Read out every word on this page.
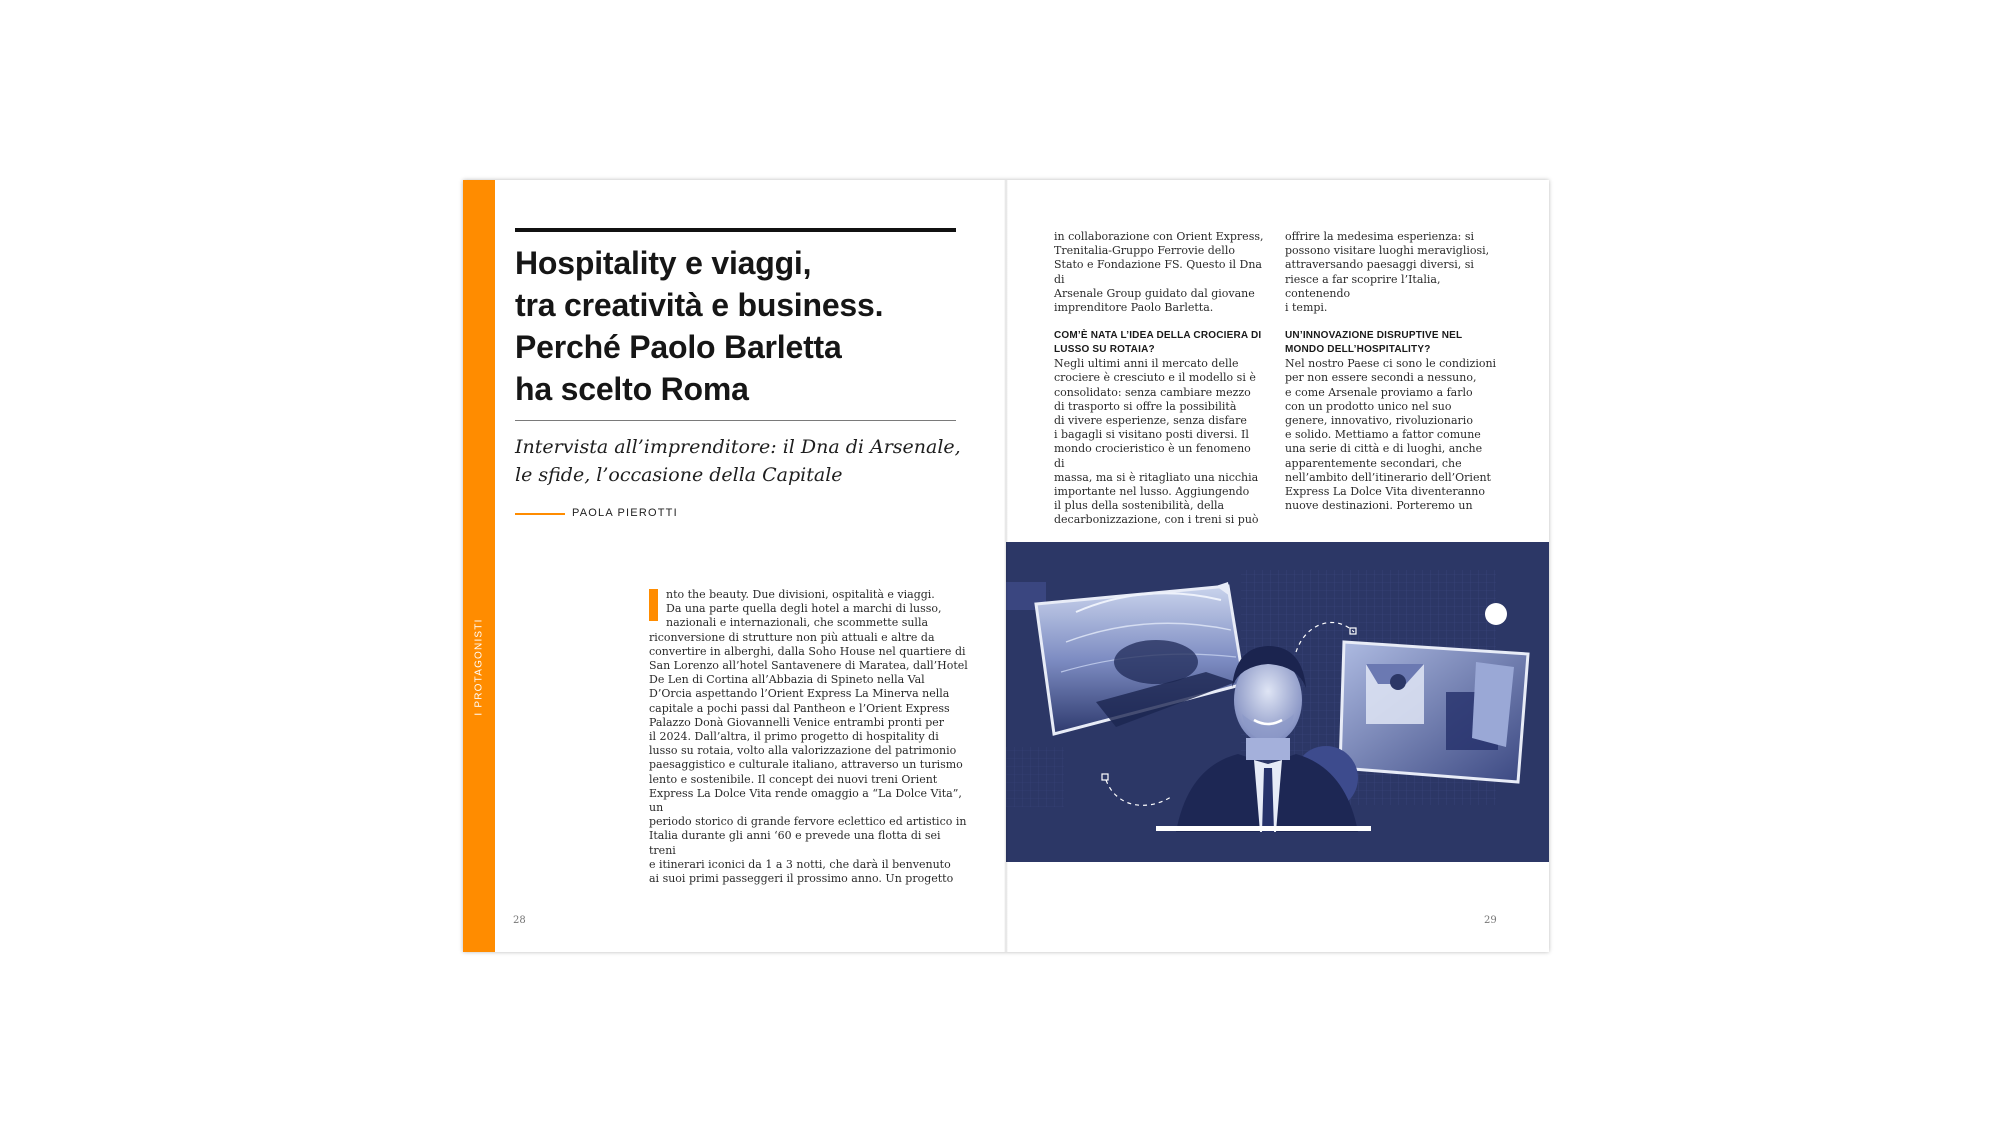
I PROTAGONISTI
Hospitality e viaggi,
tra creatività e business.
Perché Paolo Barletta
ha scelto Roma

Intervista all’imprenditore: il Dna di Arsenale,
le sfide, l’occasione della Capitale

PAOLA PIEROTTI
nto the beauty. Due divisioni, ospitalità e viaggi.
Da una parte quella degli hotel a marchi di lusso,
nazionali e internazionali, che scommette sulla
riconversione di strutture non più attuali e altre da
convertire in alberghi, dalla Soho House nel quartiere di
San Lorenzo all’hotel Santavenere di Maratea, dall’Hotel
De Len di Cortina all’Abbazia di Spineto nella Val
D’Orcia aspettando l’Orient Express La Minerva nella
capitale a pochi passi dal Pantheon e l’Orient Express
Palazzo Donà Giovannelli Venice entrambi pronti per
il 2024. Dall’altra, il primo progetto di hospitality di
lusso su rotaia, volto alla valorizzazione del patrimonio
paesaggistico e culturale italiano, attraverso un turismo
lento e sostenibile. Il concept dei nuovi treni Orient
Express La Dolce Vita rende omaggio a “La Dolce Vita”, un
periodo storico di grande fervore eclettico ed artistico in
Italia durante gli anni ‘60 e prevede una flotta di sei treni
e itinerari iconici da 1 a 3 notti, che darà il benvenuto
ai suoi primi passeggeri il prossimo anno. Un progetto
28

in collaborazione con Orient Express,
Trenitalia-Gruppo Ferrovie dello
Stato e Fondazione FS. Questo il Dna di
Arsenale Group guidato dal giovane
imprenditore Paolo Barletta.

COM’È NATA L’IDEA DELLA CROCIERA DI
LUSSO SU ROTAIA?

Negli ultimi anni il mercato delle
crociere è cresciuto e il modello si è
consolidato: senza cambiare mezzo
di trasporto si offre la possibilità
di vivere esperienze, senza disfare
i bagagli si visitano posti diversi. Il
mondo crocieristico è un fenomeno di
massa, ma si è ritagliato una nicchia
importante nel lusso. Aggiungendo
il plus della sostenibilità, della
decarbonizzazione, con i treni si può

offrire la medesima esperienza: si
possono visitare luoghi meravigliosi,
attraversando paesaggi diversi, si
riesce a far scoprire l’Italia, contenendo
i tempi.

UN’INNOVAZIONE DISRUPTIVE NEL
MONDO DELL’HOSPITALITY?

Nel nostro Paese ci sono le condizioni
per non essere secondi a nessuno,
e come Arsenale proviamo a farlo
con un prodotto unico nel suo
genere, innovativo, rivoluzionario
e solido. Mettiamo a fattor comune
una serie di città e di luoghi, anche
apparentemente secondari, che
nell’ambito dell’itinerario dell’Orient
Express La Dolce Vita diventeranno
nuove destinazioni. Porteremo un

29
